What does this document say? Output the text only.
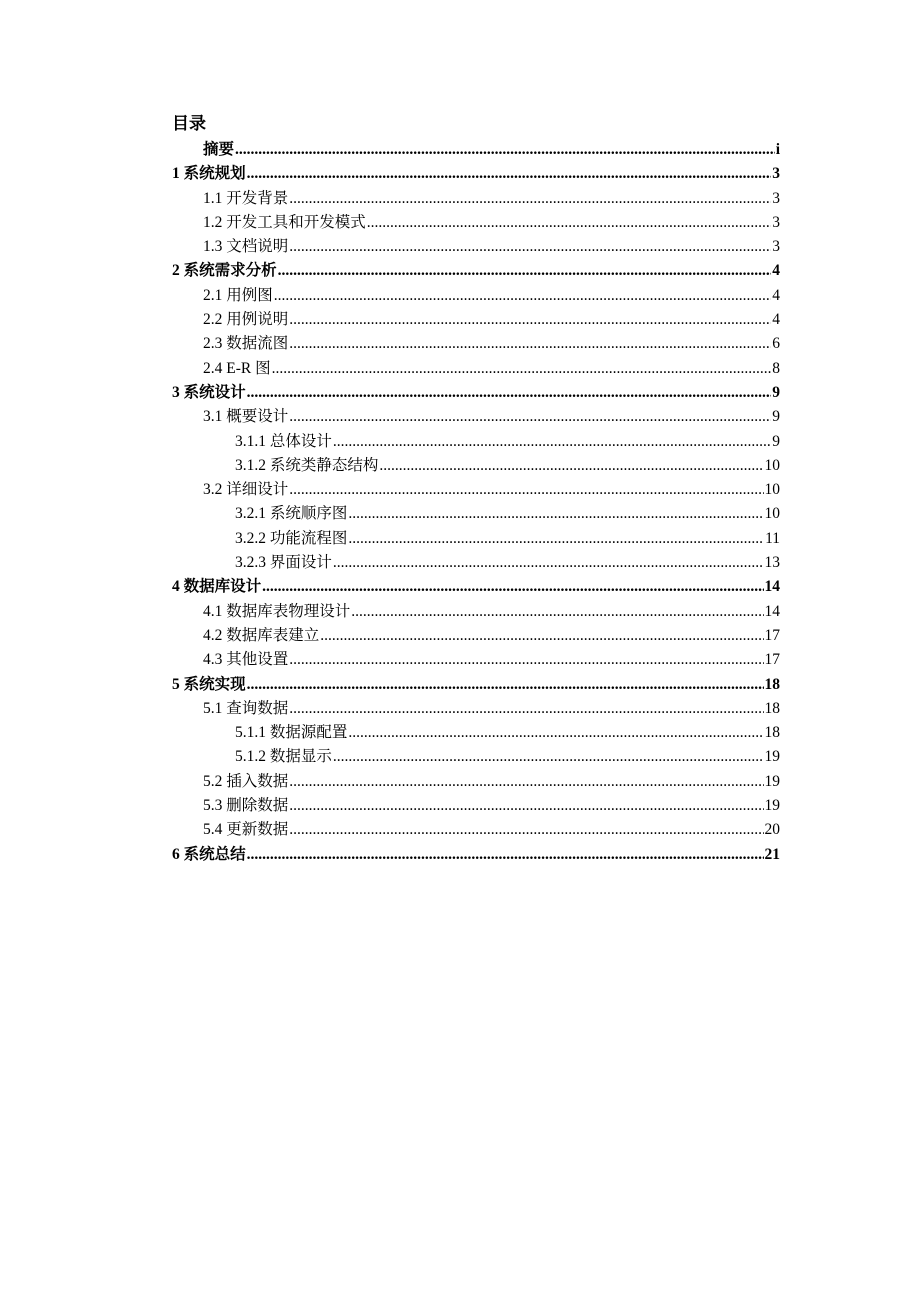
目录
摘要 .....	i
1 系统规划 .....	3
1.1 开发背景 .....	3
1.2 开发工具和开发模式 .....	3
1.3 文档说明 .....	3
2 系统需求分析 .....	4
2.1 用例图 .....	4
2.2 用例说明 .....	4
2.3 数据流图 .....	6
2.4 E-R 图 .....	8
3 系统设计 .....	9
3.1 概要设计 .....	9
3.1.1 总体设计 .....	9
3.1.2 系统类静态结构 .....	10
3.2 详细设计 .....	10
3.2.1 系统顺序图 .....	10
3.2.2 功能流程图 .....	11
3.2.3 界面设计 .....	13
4 数据库设计 .....	14
4.1 数据库表物理设计 .....	14
4.2 数据库表建立 .....	17
4.3 其他设置 .....	17
5 系统实现 .....	18
5.1 查询数据 .....	18
5.1.1 数据源配置 .....	18
5.1.2 数据显示 .....	19
5.2 插入数据 .....	19
5.3 删除数据 .....	19
5.4 更新数据 .....	20
6 系统总结 .....	21
